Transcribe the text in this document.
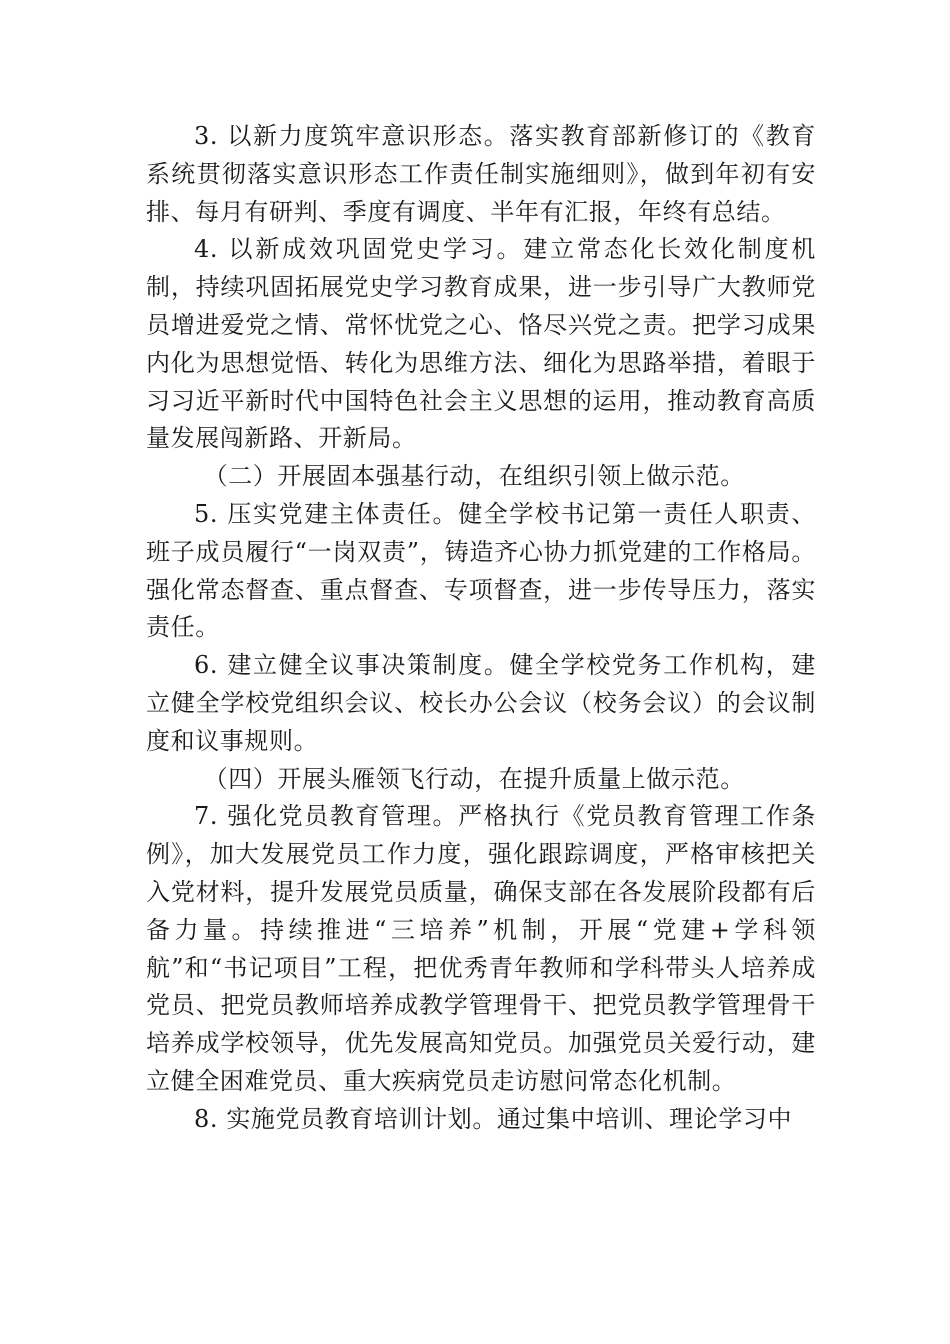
3. 以新力度筑牢意识形态。落实教育部新修订的《教育系统贯彻落实意识形态工作责任制实施细则》，做到年初有安排、每月有研判、季度有调度、半年有汇报，年终有总结。

4. 以新成效巩固党史学习。建立常态化长效化制度机制，持续巩固拓展党史学习教育成果，进一步引导广大教师党员增进爱党之情、常怀忧党之心、恪尽兴党之责。把学习成果内化为思想觉悟、转化为思维方法、细化为思路举措，着眼于习习近平新时代中国特色社会主义思想的运用，推动教育高质量发展闯新路、开新局。

（二）开展固本强基行动，在组织引领上做示范。

5. 压实党建主体责任。健全学校书记第一责任人职责、班子成员履行“一岗双责”，铸造齐心协力抓党建的工作格局。强化常态督查、重点督查、专项督查，进一步传导压力，落实责任。

6. 建立健全议事决策制度。健全学校党务工作机构，建立健全学校党组织会议、校长办公会议（校务会议）的会议制度和议事规则。

（四）开展头雁领飞行动，在提升质量上做示范。

7. 强化党员教育管理。严格执行《党员教育管理工作条例》，加大发展党员工作力度，强化跟踪调度，严格审核把关入党材料，提升发展党员质量，确保支部在各发展阶段都有后备力量。持续推进“三培养”机制，开展“党建+学科领航”和“书记项目”工程，把优秀青年教师和学科带头人培养成党员、把党员教师培养成教学管理骨干、把党员教学管理骨干培养成学校领导，优先发展高知党员。加强党员关爱行动，建立健全困难党员、重大疾病党员走访慰问常态化机制。

8. 实施党员教育培训计划。通过集中培训、理论学习中
